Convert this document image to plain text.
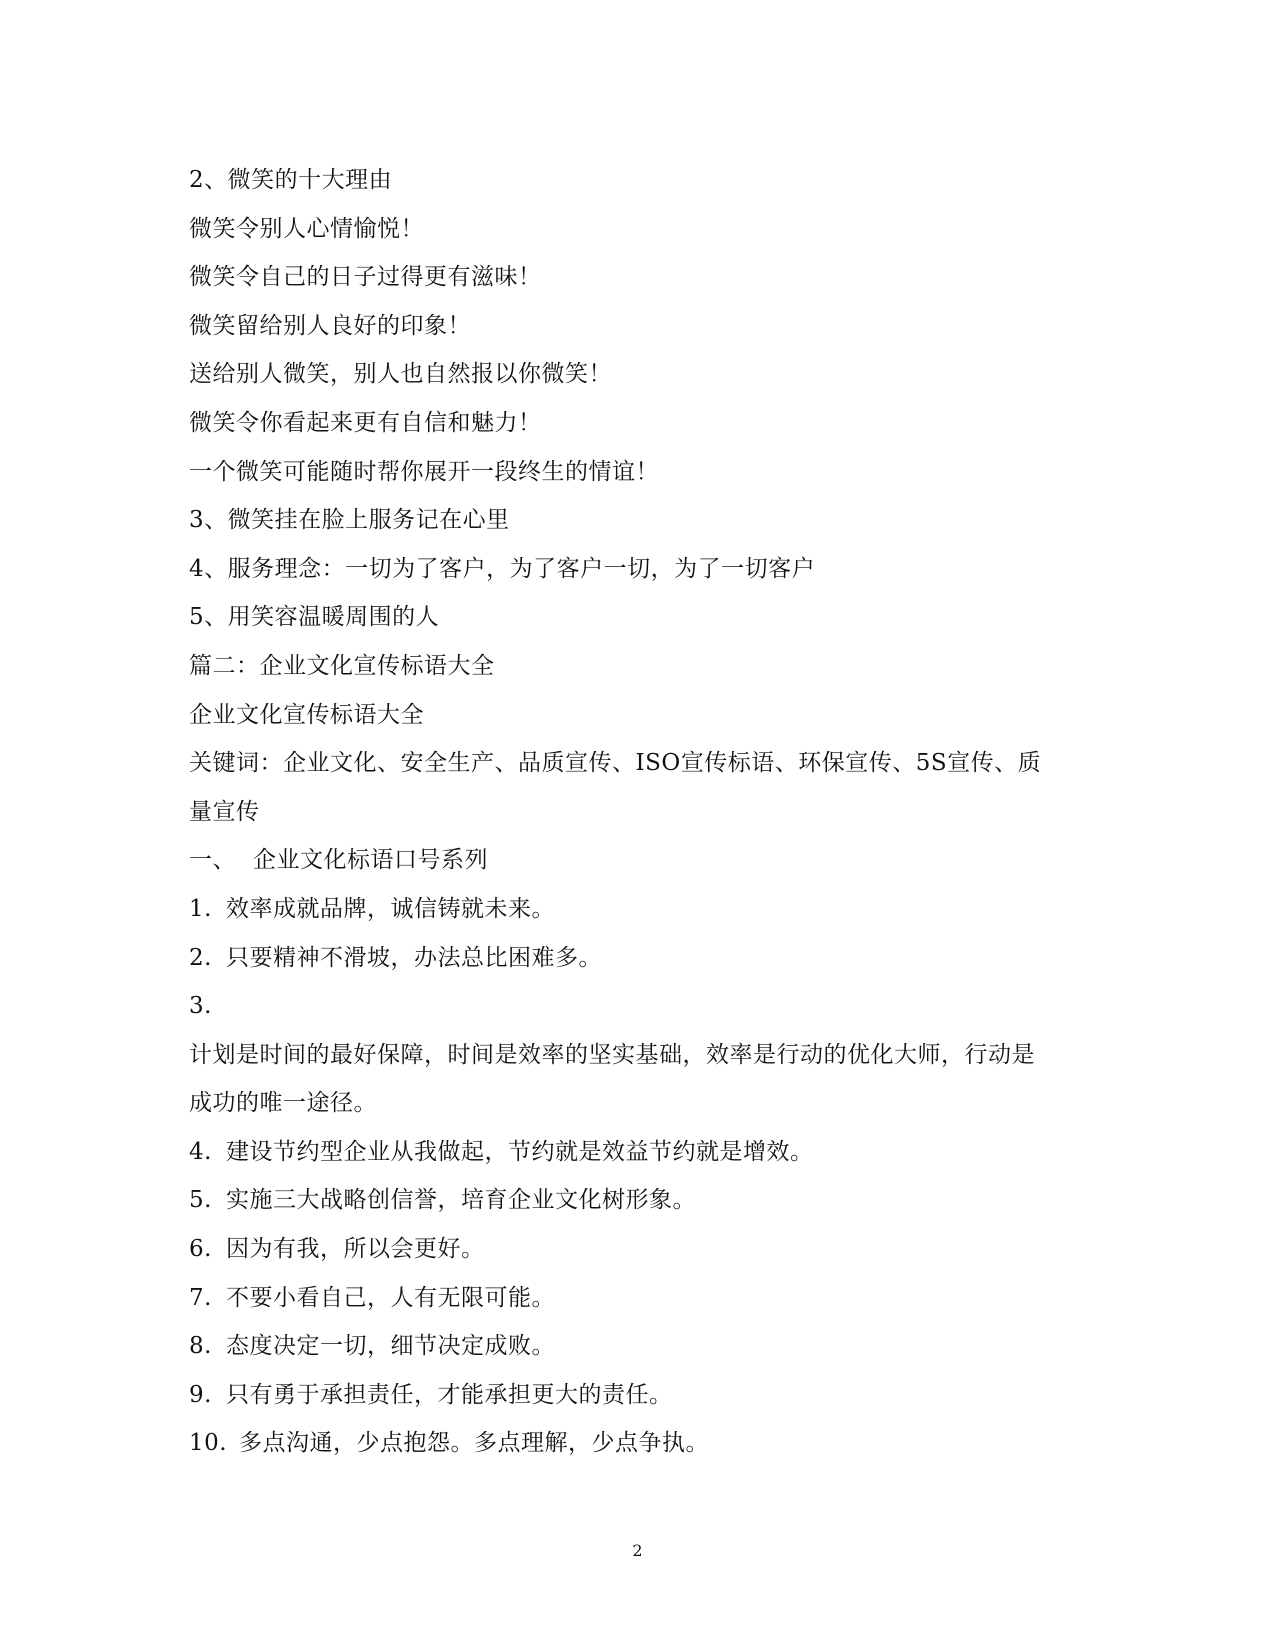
2、微笑的十大理由
微笑令别人心情愉悦！
微笑令自己的日子过得更有滋味！
微笑留给别人良好的印象！
送给别人微笑，别人也自然报以你微笑！
微笑令你看起来更有自信和魅力！
一个微笑可能随时帮你展开一段终生的情谊！
3、微笑挂在脸上服务记在心里
4、服务理念：一切为了客户，为了客户一切，为了一切客户
5、用笑容温暖周围的人
篇二：企业文化宣传标语大全
企业文化宣传标语大全
关键词：企业文化、安全生产、品质宣传、ISO宣传标语、环保宣传、5S宣传、质
量宣传
一、 企业文化标语口号系列
1. 效率成就品牌，诚信铸就未来。
2. 只要精神不滑坡，办法总比困难多。
3.
计划是时间的最好保障，时间是效率的坚实基础，效率是行动的优化大师，行动是
成功的唯一途径。
4. 建设节约型企业从我做起，节约就是效益节约就是增效。
5. 实施三大战略创信誉，培育企业文化树形象。
6. 因为有我，所以会更好。
7. 不要小看自己，人有无限可能。
8. 态度决定一切，细节决定成败。
9. 只有勇于承担责任，才能承担更大的责任。
10. 多点沟通，少点抱怨。多点理解，少点争执。
2
